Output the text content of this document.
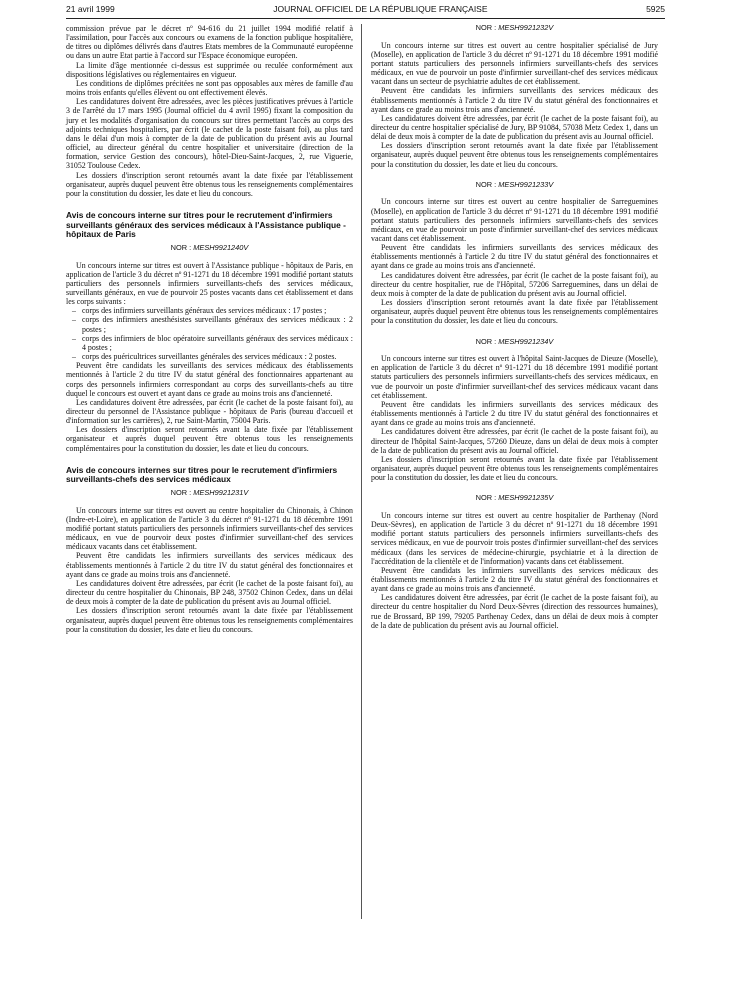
21 avril 1999	JOURNAL OFFICIEL DE LA RÉPUBLIQUE FRANÇAISE	5925

commission prévue par le décret nº 94-616 du 21 juillet 1994 modifié relatif à l'assimilation, pour l'accès aux concours ou examens de la fonction publique hospitalière, de titres ou diplômes délivrés dans d'autres Etats membres de la Communauté européenne ou dans un autre Etat partie à l'accord sur l'Espace économique européen.

La limite d'âge mentionnée ci-dessus est supprimée ou reculée conformément aux dispositions législatives ou réglementaires en vigueur.

Les conditions de diplômes précitées ne sont pas opposables aux mères de famille d'au moins trois enfants qu'elles élèvent ou ont effectivement élevés.

Les candidatures doivent être adressées, avec les pièces justificatives prévues à l'article 3 de l'arrêté du 17 mars 1995 (Journal officiel du 4 avril 1995) fixant la composition du jury et les modalités d'organisation du concours sur titres permettant l'accès au corps des adjoints techniques hospitaliers, par écrit (le cachet de la poste faisant foi), au plus tard dans le délai d'un mois à compter de la date de publication du présent avis au Journal officiel, au directeur général du centre hospitalier et universitaire (direction de la formation, service Gestion des concours), hôtel-Dieu-Saint-Jacques, 2, rue Viguerie, 31052 Toulouse Cedex.

Les dossiers d'inscription seront retournés avant la date fixée par l'établissement organisateur, auprès duquel peuvent être obtenus tous les renseignements complémentaires pour la constitution du dossier, les date et lieu du concours.

Avis de concours interne sur titres pour le recrutement d'infirmiers surveillants généraux des services médicaux à l'Assistance publique - hôpitaux de Paris
NOR : MESH9921240V

Un concours interne sur titres est ouvert à l'Assistance publique - hôpitaux de Paris, en application de l'article 3 du décret nº 91-1271 du 18 décembre 1991 modifié portant statuts particuliers des personnels infirmiers surveillants-chefs des services médicaux, surveillants généraux, en vue de pourvoir 25 postes vacants dans cet établissement et dans les corps suivants :

– corps des infirmiers surveillants généraux des services médicaux : 17 postes ;
– corps des infirmiers anesthésistes surveillants généraux des services médicaux : 2 postes ;
– corps des infirmiers de bloc opératoire surveillants généraux des services médicaux : 4 postes ;
– corps des puéricultrices surveillantes générales des services médicaux : 2 postes.

Peuvent être candidats les surveillants des services médicaux des établissements mentionnés à l'article 2 du titre IV du statut général des fonctionnaires appartenant au corps des personnels infirmiers correspondant au corps des surveillants-chefs au titre duquel le concours est ouvert et ayant dans ce grade au moins trois ans d'ancienneté.

Les candidatures doivent être adressées, par écrit (le cachet de la poste faisant foi), au directeur du personnel de l'Assistance publique - hôpitaux de Paris (bureau d'accueil et d'information sur les carrières), 2, rue Saint-Martin, 75004 Paris.

Les dossiers d'inscription seront retournés avant la date fixée par l'établissement organisateur et auprès duquel peuvent être obtenus tous les renseignements complémentaires pour la constitution du dossier, les date et lieu du concours.

Avis de concours internes sur titres pour le recrutement d'infirmiers surveillants-chefs des services médicaux
NOR : MESH9921231V

Un concours interne sur titres est ouvert au centre hospitalier du Chinonais, à Chinon (Indre-et-Loire), en application de l'article 3 du décret nº 91-1271 du 18 décembre 1991 modifié portant statuts particuliers des personnels infirmiers surveillants-chef des services médicaux, en vue de pourvoir deux postes d'infirmier surveillant-chef des services médicaux vacants dans cet établissement.

Peuvent être candidats les infirmiers surveillants des services médicaux des établissements mentionnés à l'article 2 du titre IV du statut général des fonctionnaires et ayant dans ce grade au moins trois ans d'ancienneté.

Les candidatures doivent être adressées, par écrit (le cachet de la poste faisant foi), au directeur du centre hospitalier du Chinonais, BP 248, 37502 Chinon Cedex, dans un délai de deux mois à compter de la date de publication du présent avis au Journal officiel.

Les dossiers d'inscription seront retournés avant la date fixée par l'établissement organisateur, auprès duquel peuvent être obtenus tous les renseignements complémentaires pour la constitution du dossier, les date et lieu du concours.

NOR : MESH9921232V

Un concours interne sur titres est ouvert au centre hospitalier spécialisé de Jury (Moselle), en application de l'article 3 du décret nº 91-1271 du 18 décembre 1991 modifié portant statuts particuliers des personnels infirmiers surveillants-chefs des services médicaux, en vue de pourvoir un poste d'infirmier surveillant-chef des services médicaux vacant dans un secteur de psychiatrie adultes de cet établissement.

Peuvent être candidats les infirmiers surveillants des services médicaux des établissements mentionnés à l'article 2 du titre IV du statut général des fonctionnaires et ayant dans ce grade au moins trois ans d'ancienneté.

Les candidatures doivent être adressées, par écrit (le cachet de la poste faisant foi), au directeur du centre hospitalier spécialisé de Jury, BP 91084, 57038 Metz Cedex 1, dans un délai de deux mois à compter de la date de publication du présent avis au Journal officiel.

Les dossiers d'inscription seront retournés avant la date fixée par l'établissement organisateur, auprès duquel peuvent être obtenus tous les renseignements complémentaires pour la constitution du dossier, les date et lieu du concours.

NOR : MESH9921233V

Un concours interne sur titres est ouvert au centre hospitalier de Sarreguemines (Moselle), en application de l'article 3 du décret nº 91-1271 du 18 décembre 1991 modifié portant statuts particuliers des personnels infirmiers surveillants-chefs des services médicaux, en vue de pourvoir un poste d'infirmier surveillant-chef des services médicaux vacant dans cet établissement.

Peuvent être candidats les infirmiers surveillants des services médicaux des établissements mentionnés à l'article 2 du titre IV du statut général des fonctionnaires et ayant dans ce grade au moins trois ans d'ancienneté.

Les candidatures doivent être adressées, par écrit (le cachet de la poste faisant foi), au directeur du centre hospitalier, rue de l'Hôpital, 57206 Sarreguemines, dans un délai de deux mois à compter de la date de publication du présent avis au Journal officiel.

Les dossiers d'inscription seront retournés avant la date fixée par l'établissement organisateur, auprès duquel peuvent être obtenus tous les renseignements complémentaires pour la constitution du dossier, les date et lieu du concours.

NOR : MESH9921234V

Un concours interne sur titres est ouvert à l'hôpital Saint-Jacques de Dieuze (Moselle), en application de l'article 3 du décret nº 91-1271 du 18 décembre 1991 modifié portant statuts particuliers des personnels infirmiers surveillants-chefs des services médicaux, en vue de pourvoir un poste d'infirmier surveillant-chef des services médicaux vacant dans cet établissement.

Peuvent être candidats les infirmiers surveillants des services médicaux des établissements mentionnés à l'article 2 du titre IV du statut général des fonctionnaires et ayant dans ce grade au moins trois ans d'ancienneté.

Les candidatures doivent être adressées, par écrit (le cachet de la poste faisant foi), au directeur de l'hôpital Saint-Jacques, 57260 Dieuze, dans un délai de deux mois à compter de la date de publication du présent avis au Journal officiel.

Les dossiers d'inscription seront retournés avant la date fixée par l'établissement organisateur, auprès duquel peuvent être obtenus tous les renseignements complémentaires pour la constitution du dossier, les date et lieu du concours.

NOR : MESH9921235V

Un concours interne sur titres est ouvert au centre hospitalier de Parthenay (Nord Deux-Sèvres), en application de l'article 3 du décret nº 91-1271 du 18 décembre 1991 modifié portant statuts particuliers des personnels infirmiers surveillants-chefs des services médicaux, en vue de pourvoir trois postes d'infirmier surveillant-chef des services médicaux (dans les services de médecine-chirurgie, psychiatrie et à la direction de l'accréditation de la clientèle et de l'information) vacants dans cet établissement.

Peuvent être candidats les infirmiers surveillants des services médicaux des établissements mentionnés à l'article 2 du titre IV du statut général des fonctionnaires et ayant dans ce grade au moins trois ans d'ancienneté.

Les candidatures doivent être adressées, par écrit (le cachet de la poste faisant foi), au directeur du centre hospitalier du Nord Deux-Sèvres (direction des ressources humaines), rue de Brossard, BP 199, 79205 Parthenay Cedex, dans un délai de deux mois à compter de la date de publication du présent avis au Journal officiel.
